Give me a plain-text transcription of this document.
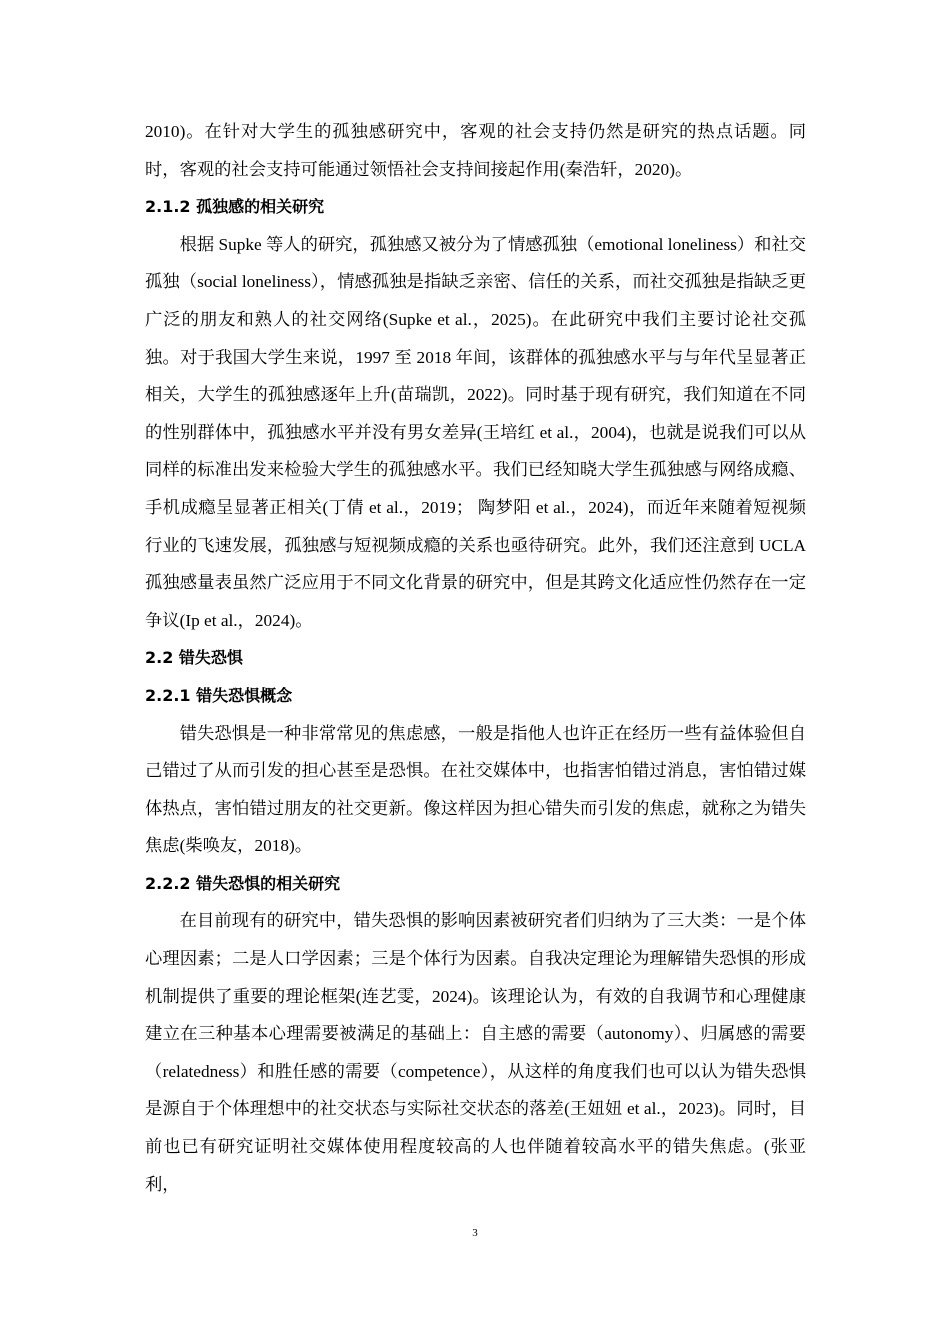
2010)。在针对大学生的孤独感研究中，客观的社会支持仍然是研究的热点话题。同时，客观的社会支持可能通过领悟社会支持间接起作用(秦浩轩，2020)。

2.1.2 孤独感的相关研究

根据 Supke 等人的研究，孤独感又被分为了情感孤独（emotional loneliness）和社交孤独（social loneliness），情感孤独是指缺乏亲密、信任的关系，而社交孤独是指缺乏更广泛的朋友和熟人的社交网络(Supke et al.，2025)。在此研究中我们主要讨论社交孤独。对于我国大学生来说，1997 至 2018 年间，该群体的孤独感水平与与年代呈显著正相关，大学生的孤独感逐年上升(苗瑞凯，2022)。同时基于现有研究，我们知道在不同的性别群体中，孤独感水平并没有男女差异(王培红 et al.，2004)，也就是说我们可以从同样的标准出发来检验大学生的孤独感水平。我们已经知晓大学生孤独感与网络成瘾、手机成瘾呈显著正相关(丁倩 et al.，2019； 陶梦阳 et al.，2024)，而近年来随着短视频行业的飞速发展，孤独感与短视频成瘾的关系也亟待研究。此外，我们还注意到 UCLA 孤独感量表虽然广泛应用于不同文化背景的研究中，但是其跨文化适应性仍然存在一定争议(Ip et al.，2024)。

2.2 错失恐惧
2.2.1 错失恐惧概念

错失恐惧是一种非常常见的焦虑感，一般是指他人也许正在经历一些有益体验但自己错过了从而引发的担心甚至是恐惧。在社交媒体中，也指害怕错过消息，害怕错过媒体热点，害怕错过朋友的社交更新。像这样因为担心错失而引发的焦虑，就称之为错失焦虑(柴唤友，2018)。

2.2.2 错失恐惧的相关研究

在目前现有的研究中，错失恐惧的影响因素被研究者们归纳为了三大类：一是个体心理因素；二是人口学因素；三是个体行为因素。自我决定理论为理解错失恐惧的形成机制提供了重要的理论框架(连艺雯，2024)。该理论认为，有效的自我调节和心理健康建立在三种基本心理需要被满足的基础上：自主感的需要（autonomy）、归属感的需要（relatedness）和胜任感的需要（competence），从这样的角度我们也可以认为错失恐惧是源自于个体理想中的社交状态与实际社交状态的落差(王妞妞 et al.，2023)。同时，目前也已有研究证明社交媒体使用程度较高的人也伴随着较高水平的错失焦虑。(张亚利，

3
